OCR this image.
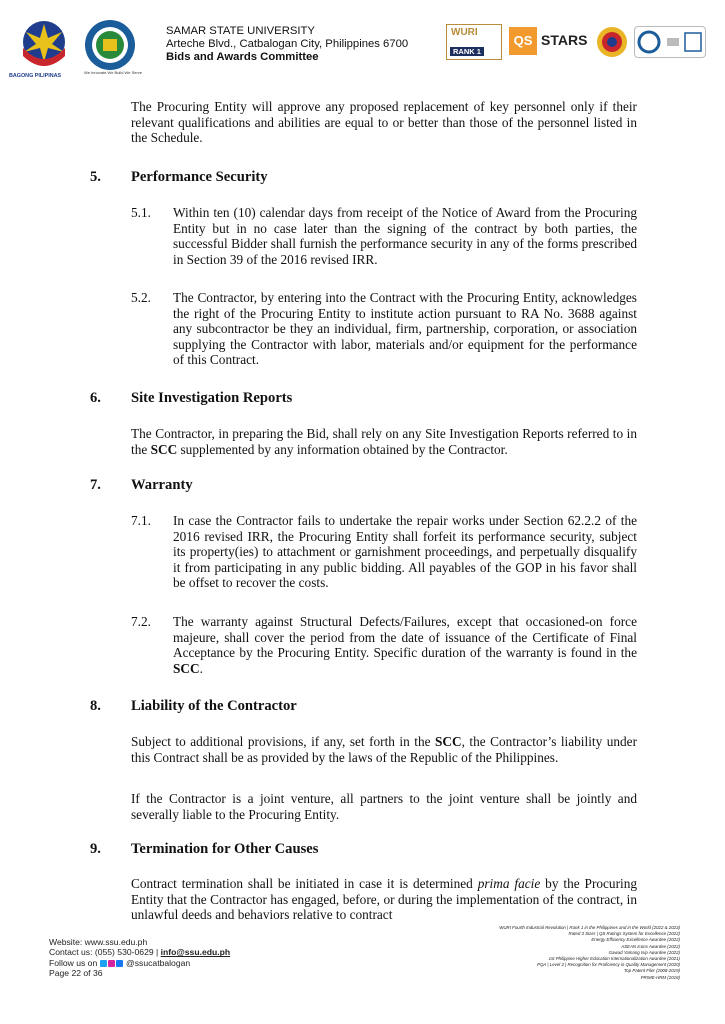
BAGONG PILIPINAS
We Innovate We Build We Serve
SAMAR STATE UNIVERSITY
Arteche Blvd., Catbalogan City, Philippines 6700
Bids and Awards Committee
WURI
RANK 1
QS STARS
The Procuring Entity will approve any proposed replacement of key personnel only if their relevant qualifications and abilities are equal to or better than those of the personnel listed in the Schedule.
5. Performance Security
5.1. Within ten (10) calendar days from receipt of the Notice of Award from the Procuring Entity but in no case later than the signing of the contract by both parties, the successful Bidder shall furnish the performance security in any of the forms prescribed in Section 39 of the 2016 revised IRR.
5.2. The Contractor, by entering into the Contract with the Procuring Entity, acknowledges the right of the Procuring Entity to institute action pursuant to RA No. 3688 against any subcontractor be they an individual, firm, partnership, corporation, or association supplying the Contractor with labor, materials and/or equipment for the performance of this Contract.
6. Site Investigation Reports
The Contractor, in preparing the Bid, shall rely on any Site Investigation Reports referred to in the SCC supplemented by any information obtained by the Contractor.
7. Warranty
7.1. In case the Contractor fails to undertake the repair works under Section 62.2.2 of the 2016 revised IRR, the Procuring Entity shall forfeit its performance security, subject its property(ies) to attachment or garnishment proceedings, and perpetually disqualify it from participating in any public bidding. All payables of the GOP in his favor shall be offset to recover the costs.
7.2. The warranty against Structural Defects/Failures, except that occasioned-on force majeure, shall cover the period from the date of issuance of the Certificate of Final Acceptance by the Procuring Entity. Specific duration of the warranty is found in the SCC.
8. Liability of the Contractor
Subject to additional provisions, if any, set forth in the SCC, the Contractor’s liability under this Contract shall be as provided by the laws of the Republic of the Philippines.
If the Contractor is a joint venture, all partners to the joint venture shall be jointly and severally liable to the Procuring Entity.
9. Termination for Other Causes
Contract termination shall be initiated in case it is determined prima facie by the Procuring Entity that the Contractor has engaged, before, or during the implementation of the contract, in unlawful deeds and behaviors relative to contract
Website: www.ssu.edu.ph
Contact us: (055) 530-0629 | info@ssu.edu.ph
Follow us on	@ssucatbalogan
Page 22 of 36
WURI Fourth Industrial Revolution | Rank 1 in the Philippines and in the World (2022 & 2023)
Rated 3 Stars | QS Ratings System for Excellence (2022)
Energy Efficiency Excellence Awardee (2022)
ASEAN Icons Awardee (2022)
Gawad Yamang Isip Awardee (2022)
1st Philippine Higher Education Internationalization Awardee (2021)
PQA | Level 2 | Recognition for Proficiency in Quality Management (2020)
Top Patent Filer (2008-2019)
PRIME-HRM (2018)
